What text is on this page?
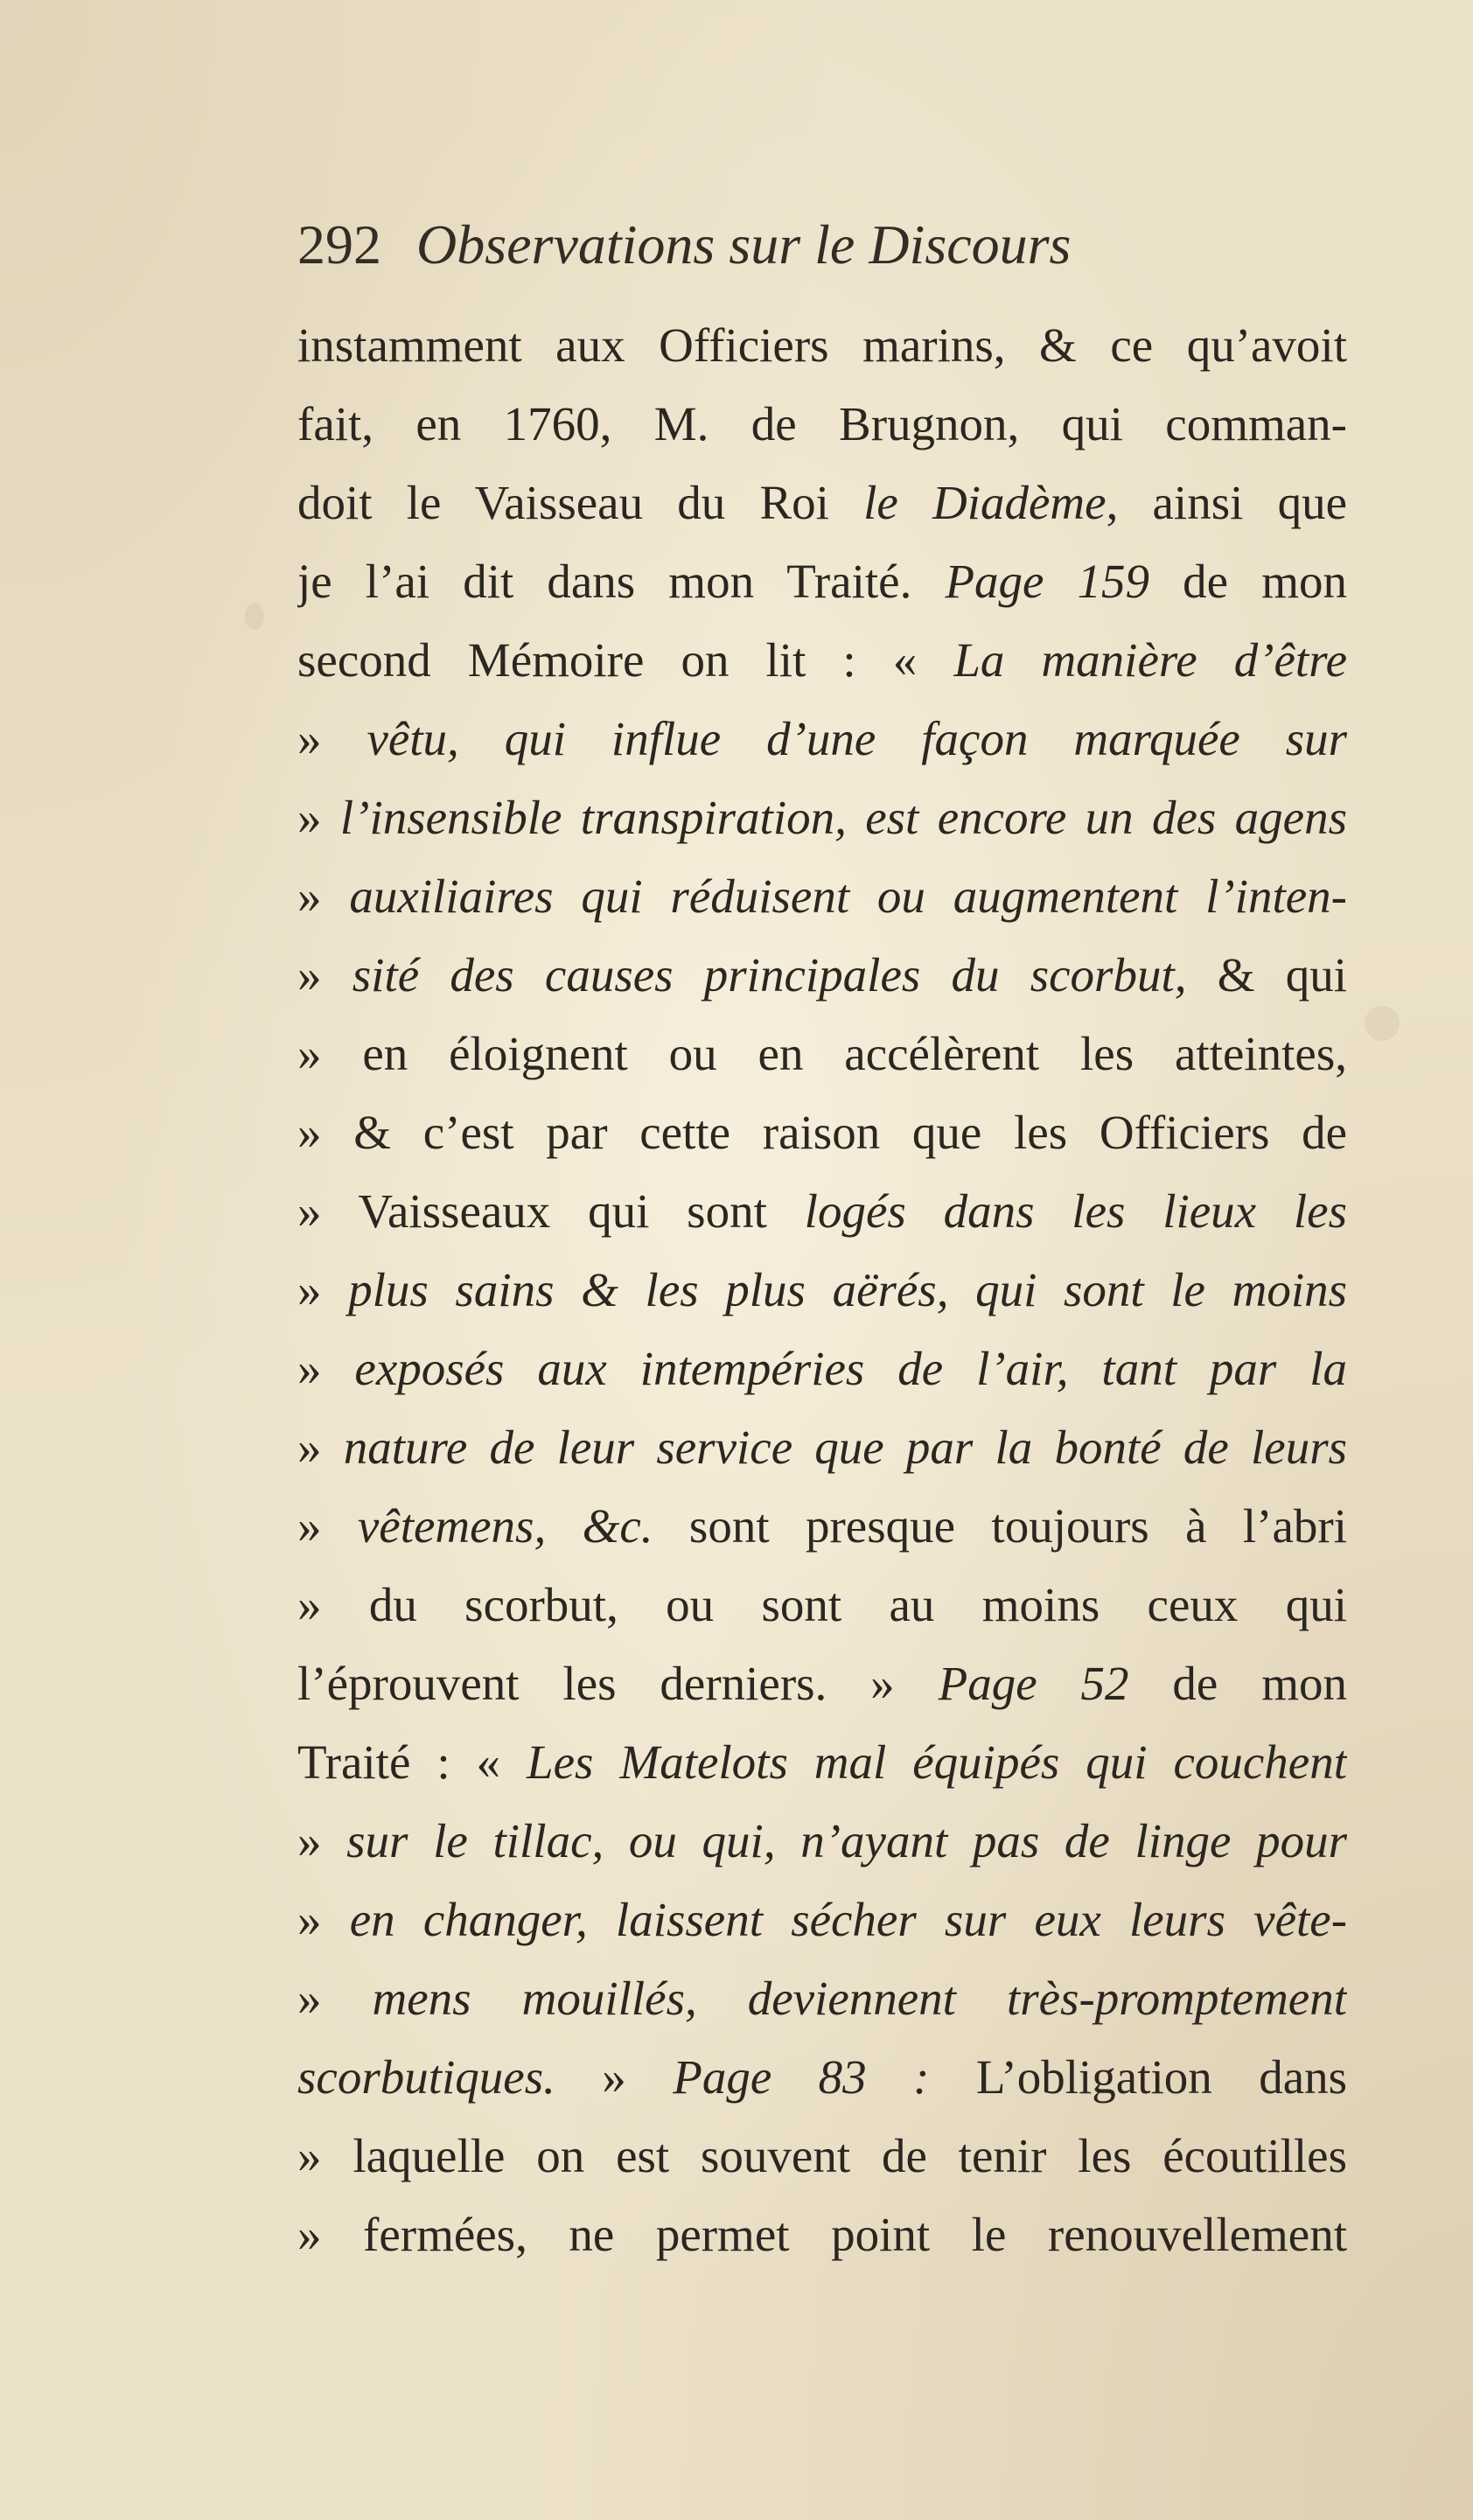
292 Observations sur le Discours
instamment aux Officiers marins, & ce qu’avoit
fait, en 1760, M. de Brugnon, qui comman-
doit le Vaisseau du Roi le Diadème, ainsi que
je l’ai dit dans mon Traité. Page 159 de mon
second Mémoire on lit : « La manière d’être
» vêtu, qui influe d’une façon marquée sur
» l’insensible transpiration, est encore un des agens
» auxiliaires qui réduisent ou augmentent l’inten-
» sité des causes principales du scorbut, & qui
» en éloignent ou en accélèrent les atteintes,
» & c’est par cette raison que les Officiers de
» Vaisseaux qui sont logés dans les lieux les
» plus sains & les plus aërés, qui sont le moins
» exposés aux intempéries de l’air, tant par la
» nature de leur service que par la bonté de leurs
» vêtemens, &c. sont presque toujours à l’abri
» du scorbut, ou sont au moins ceux qui
l’éprouvent les derniers. » Page 52 de mon
Traité : « Les Matelots mal équipés qui couchent
» sur le tillac, ou qui, n’ayant pas de linge pour
» en changer, laissent sécher sur eux leurs vête-
» mens mouillés, deviennent très-promptement
scorbutiques. » Page 83 : L’obligation dans
» laquelle on est souvent de tenir les écoutilles
» fermées, ne permet point le renouvellement
